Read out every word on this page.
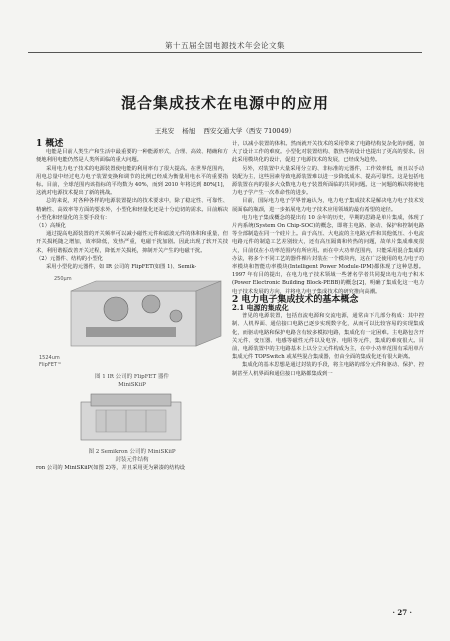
第十五届全国电源技术年会论文集
混合集成技术在电源中的应用
王兆安 杨旭 西安交通大学（西安 710049）

1 概述

电能是目前人类生产和生活中最重要的一种能源形式，合理、高效、精确和方便地利用电能仍然是人类所面临的重大问题。

采用电力电子技术的电源装置使电能的利用率有了很大提高。在世界范围内，用电总量中经过电力电子装置变换和调节的比例已经成为衡量用电水平的重要指标。目前，全球范围内该指标的平均数为 40%，而到 2010 年将达到 80%[1]，这就对电源技术提出了新的挑战。

总的来说，对各种各样的电源装置提出的技术要求中，除了稳定性、可靠性、精确性、高效率等方面的要求外，小型化和轻量化还是十分迫切的需求。目前解决小型化和轻量化的主要手段有：

（1）高频化

通过提高电源装置的开关频率可以减小磁性元件和滤波元件的体积和重量，但开关损耗随之增加，效率降低，发热严重，电磁干扰加剧。因此出现了软开关技术，利用谐振改善开关过程，降低开关损耗，抑制开关产生的电磁干扰。

（2）元器件、结构的小型化

采用小型化的元器件，如 IR 公司的 FlipFET(如图 1)、Semik-

250μm
1524um
FlipFET™

图 1 IR 公司的 FlipFET 器件

MiniSKiiP

图 2 Semikron 公司的 MiniSKiiP

封装元件结构

ron 公司的 MiniSKiiP(如图 2)等，并且采用更为紧凑的结构设

计，以减小装置的体积。然而就开关技术的采用带来了电路结构复杂化的问题，加大了设计工作的难度。小型化对装置结构、散热等的设计也提出了更高的要求。因此采用模块化的设计，促进了电源技术的发展，已经成为趋势。

另外，对装置中大量采用分立的、非标准的元器件，工作效率低，而且以手动装配为主，这些因素导致电源装置难以进一步降低成本、提高可靠性。这是包括电源装置在内的很多大众数电力电子装置所面临的共同问题。这一问题的解决将使电力电子学产生一次革命性的进步。

目前，国际电力电子学界普遍认为，电力电子集成技术是解决电力电子技术发展面临的瓶颈，进一步拓展电力电子技术应用领域的最有希望的途径。

电力电子集成概念的提出有 10 余年的历史，早期的思路是单片集成，体现了片内系统(System On Chip-SOC)的概念，即将主电路、驱动、保护和控制电路等全部制造在同一个硅片上。由于高压、大电流的主电路元件和其他低压、小电流电路元件的制造工艺差别较大，还有高压隔离和传热的问题，故单片集成难度很大，目前仅在小功率范围内有所应用。而在中大功率范围内，只能采用混合集成的办法，将多个不同工艺的器件裸片封装在一个模块内，这在广泛使用的电力电子功率模块和智能功率模块(Intelligent Power Module-IPM)都体现了这种思想。1997 年有目的提出，在电力电子技术领域一些著名学者共同提出电力电子积木(Power Electronic Building Block-PEBB)的概念[2]，明确了集成化这一电力电子技术发展的方向，并将电力电子集成技术的研究推向高潮。

2 电力电子集成技术的基本概念

2.1 电源的集成化

普见的电源装置，包括直流电源和交流电源，通常由下几部分构成：其中控制、人机界面、通信接口电路已逐步实现数字化，从而可以比较容易的实现集成化，而驱动电路和保护电路含有较多模拟电路，集成化有一定困难。主电路包含开关元件、变压器、电感等磁性元件以及电容、电阻等元件，集成的难度很大。目前，电源装置中的主电路基本上以分立元件构成为主，在中小功率范围有采用单片集成元件 TOPSwitch 或某些混合集成器，但由全面的集成化还有很大距离。

集成化的基本思想是通过封装的手段，将主电路的部分元件和驱动、保护、控制甚至人机界面和通信接口电路都集成到一

· 27 ·
